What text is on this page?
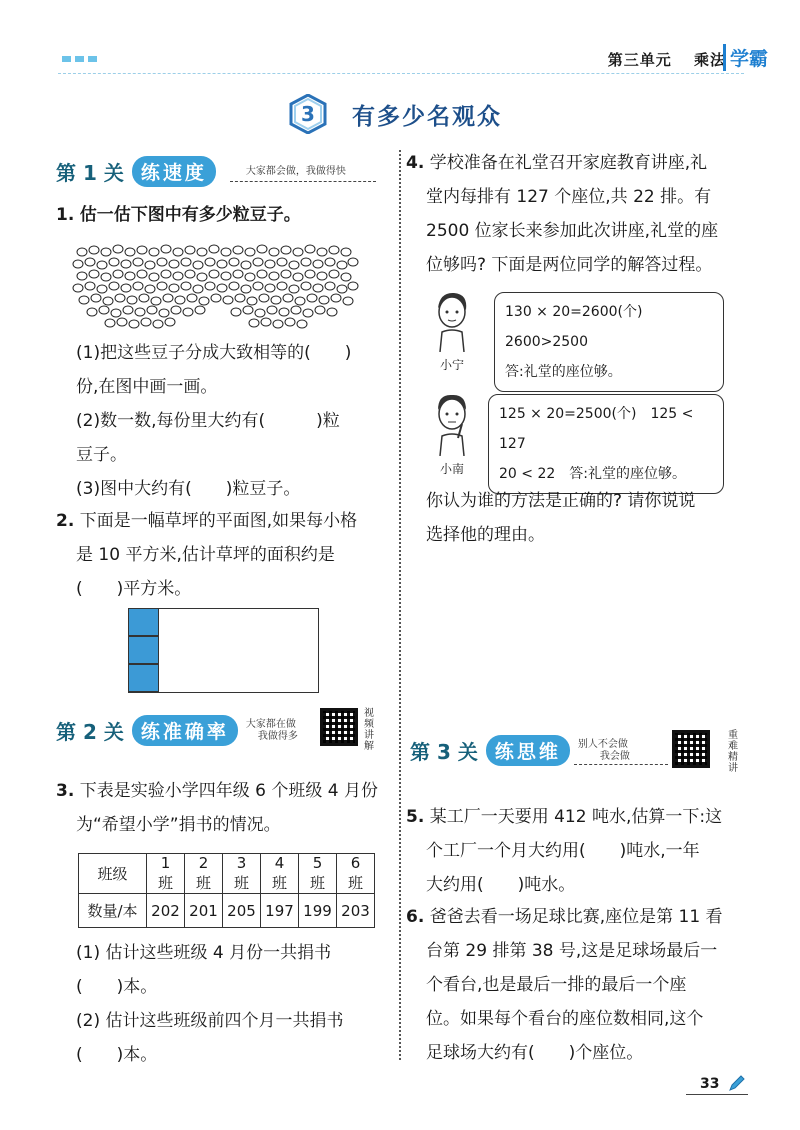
第三单元 乘法 学霸
3	有多少名观众
第 1 关 练速度	大家都会做，我做得快
1. 估一估下图中有多少粒豆子。
(1)把这些豆子分成大致相等的(　　)
份,在图中画一画。
(2)数一数,每份里大约有(　　　)粒
豆子。
(3)图中大约有(　　)粒豆子。
2. 下面是一幅草坪的平面图,如果每小格
是 10 平方米,估计草坪的面积约是
(　　)平方米。
第 2 关 练准确率	大家都在做
我做得多
视频讲解
3. 下表是实验小学四年级 6 个班级 4 月份
为“希望小学”捐书的情况。
班级	1 班	2 班	3 班	4 班	5 班	6 班
数量/本	202	201	205	197	199	203
(1) 估计这些班级 4 月份一共捐书
(　　)本。
(2) 估计这些班级前四个月一共捐书
(　　)本。
4. 学校准备在礼堂召开家庭教育讲座,礼
堂内每排有 127 个座位,共 22 排。有
2500 位家长来参加此次讲座,礼堂的座
位够吗? 下面是两位同学的解答过程。
小宁
130 × 20=2600(个)　2600>2500
答:礼堂的座位够。
小南
125 × 20=2500(个)　125 < 127
20 < 22　答:礼堂的座位够。
你认为谁的方法是正确的? 请你说说
选择他的理由。
第 3 关 练思维	别人不会做
我会做
重难精讲
5. 某工厂一天要用 412 吨水,估算一下:这
个工厂一个月大约用(　　)吨水,一年
大约用(　　)吨水。
6. 爸爸去看一场足球比赛,座位是第 11 看
台第 29 排第 38 号,这是足球场最后一
个看台,也是最后一排的最后一个座
位。如果每个看台的座位数相同,这个
足球场大约有(　　)个座位。
33
